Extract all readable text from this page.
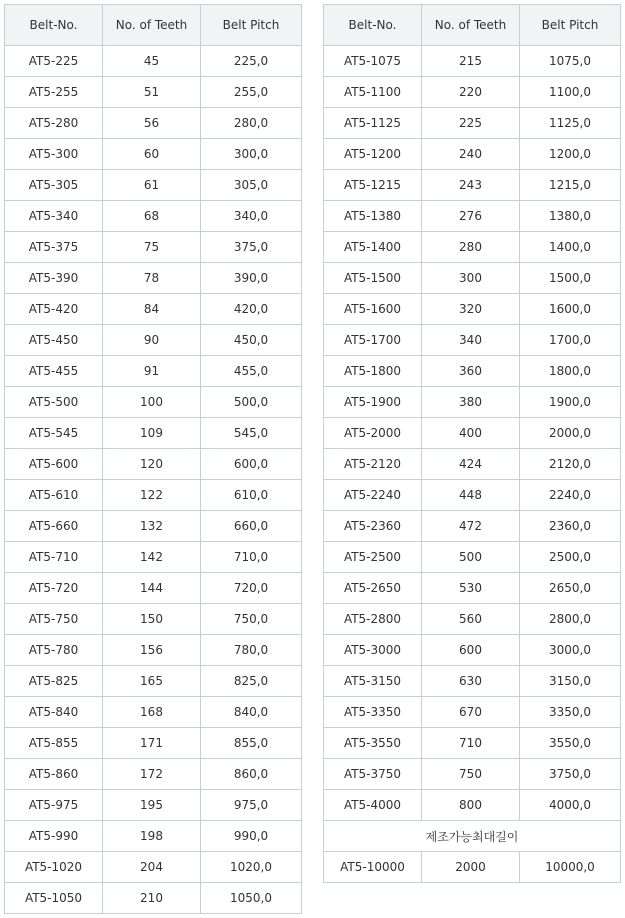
Belt-No.	No. of Teeth	Belt Pitch
AT5-225	45	225,0
AT5-255	51	255,0
AT5-280	56	280,0
AT5-300	60	300,0
AT5-305	61	305,0
AT5-340	68	340,0
AT5-375	75	375,0
AT5-390	78	390,0
AT5-420	84	420,0
AT5-450	90	450,0
AT5-455	91	455,0
AT5-500	100	500,0
AT5-545	109	545,0
AT5-600	120	600,0
AT5-610	122	610,0
AT5-660	132	660,0
AT5-710	142	710,0
AT5-720	144	720,0
AT5-750	150	750,0
AT5-780	156	780,0
AT5-825	165	825,0
AT5-840	168	840,0
AT5-855	171	855,0
AT5-860	172	860,0
AT5-975	195	975,0
AT5-990	198	990,0
AT5-1020	204	1020,0
AT5-1050	210	1050,0
Belt-No.	No. of Teeth	Belt Pitch
AT5-1075	215	1075,0
AT5-1100	220	1100,0
AT5-1125	225	1125,0
AT5-1200	240	1200,0
AT5-1215	243	1215,0
AT5-1380	276	1380,0
AT5-1400	280	1400,0
AT5-1500	300	1500,0
AT5-1600	320	1600,0
AT5-1700	340	1700,0
AT5-1800	360	1800,0
AT5-1900	380	1900,0
AT5-2000	400	2000,0
AT5-2120	424	2120,0
AT5-2240	448	2240,0
AT5-2360	472	2360,0
AT5-2500	500	2500,0
AT5-2650	530	2650,0
AT5-2800	560	2800,0
AT5-3000	600	3000,0
AT5-3150	630	3150,0
AT5-3350	670	3350,0
AT5-3550	710	3550,0
AT5-3750	750	3750,0
AT5-4000	800	4000,0
제조가능최대길이		
AT5-10000	2000	10000,0
